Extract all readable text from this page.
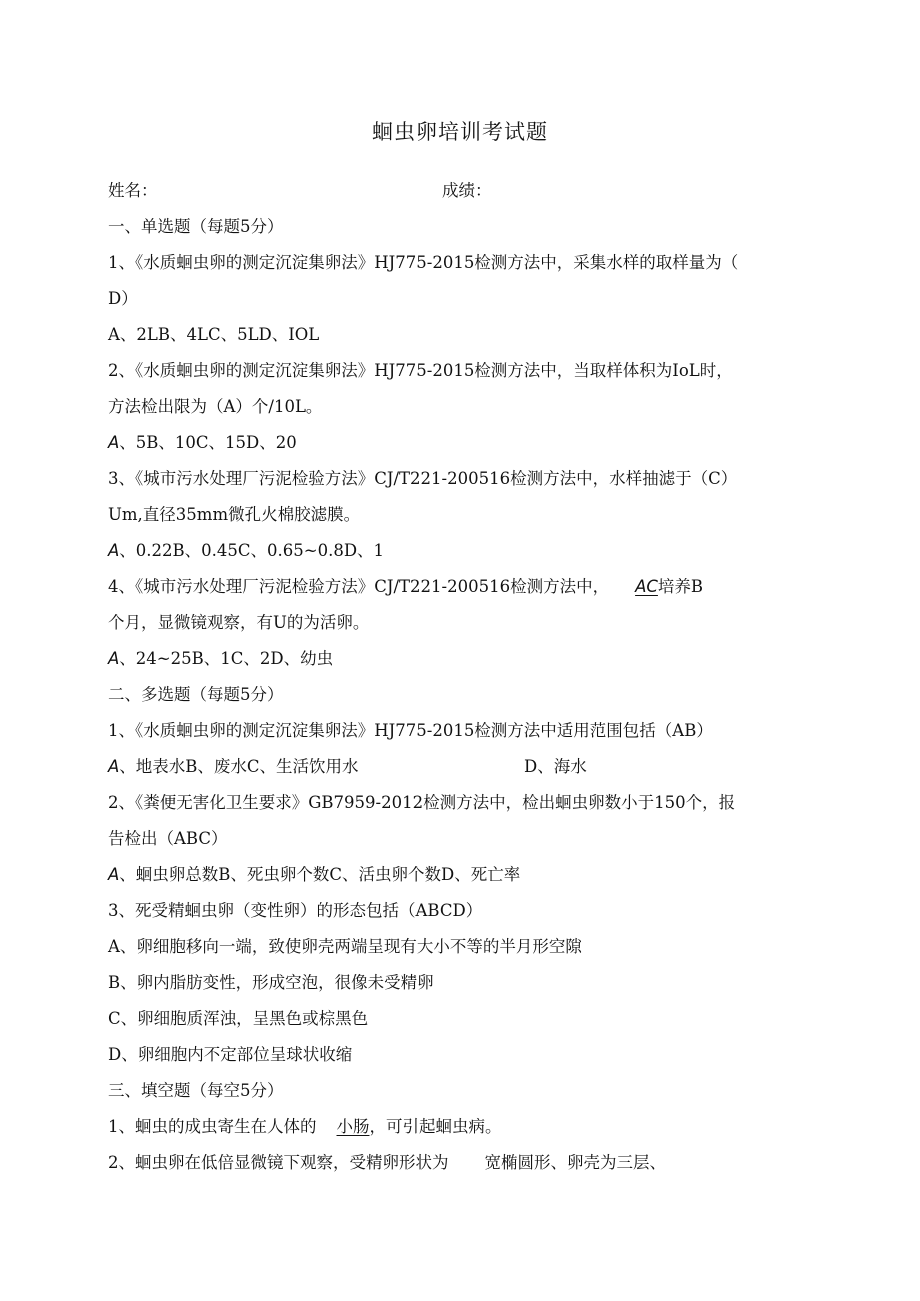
蛔虫卵培训考试题
姓名：	成绩：
一、单选题（每题5分）
1、《水质蛔虫卵的测定沉淀集卵法》HJ775-2015检测方法中，采集水样的取样量为（
D）
A、2LB、4LC、5LD、IOL
2、《水质蛔虫卵的测定沉淀集卵法》HJ775-2015检测方法中，当取样体积为IoL时，
方法检出限为（A）个/10L。
A、5B、10C、15D、20
3、《城市污水处理厂污泥检验方法》CJ/T221-200516检测方法中，水样抽滤于（C）
Um,直径35mm微孔火棉胶滤膜。
A、0.22B、0.45C、0.65~0.8D、1
4、《城市污水处理厂污泥检验方法》CJ/T221-200516检测方法中， AC培养B
个月，显微镜观察，有U的为活卵。
A、24~25B、1C、2D、幼虫
二、多选题（每题5分）
1、《水质蛔虫卵的测定沉淀集卵法》HJ775-2015检测方法中适用范围包括（AB）
A、地表水B、废水C、生活饮用水	D、海水
2、《粪便无害化卫生要求》GB7959-2012检测方法中，检出蛔虫卵数小于150个，报
告检出（ABC）
A、蛔虫卵总数B、死虫卵个数C、活虫卵个数D、死亡率
3、死受精蛔虫卵（变性卵）的形态包括（ABCD）
A、卵细胞移向一端，致使卵壳两端呈现有大小不等的半月形空隙
B、卵内脂肪变性，形成空泡，很像未受精卵
C、卵细胞质浑浊，呈黑色或棕黑色
D、卵细胞内不定部位呈球状收缩
三、填空题（每空5分）
1、蛔虫的成虫寄生在人体的 小肠，可引起蛔虫病。
2、蛔虫卵在低倍显微镜下观察，受精卵形状为 宽椭圆形、卵壳为三层、
